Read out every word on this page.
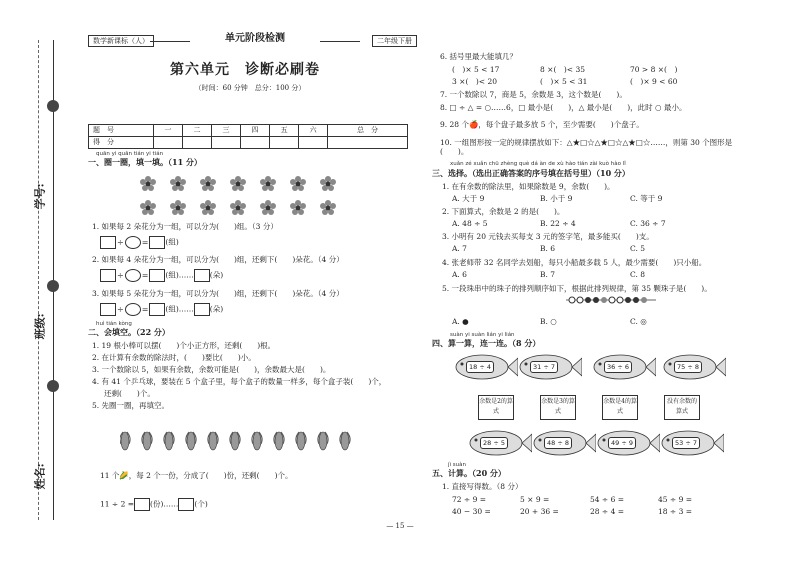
学号:
班级:
姓名:
数学新课标（人）	单元阶段检测	二年级下册
第六单元　诊断必刷卷
（时间：60 分钟　总分：100 分）
题　号	一	二	三	四	五	六	总　分
得　分							
quān yi quān tián yi tián
一、圈一圈，填一填。（11 分）
1. 如果每 2 朵花分为一组，可以分为(　　)组。（3 分）
÷ = (组)
2. 如果每 4 朵花分为一组，可以分为(　　)组，还剩下(　　)朵花。（4 分）
÷ = (组)…… (朵)
3. 如果每 5 朵花分为一组，可以分为(　　)组，还剩下(　　)朵花。（4 分）
÷ = (组)…… (朵)
huì tián kòng
二、会填空。（22 分）
1. 19 根小棒可以摆(　　)个小正方形，还剩(　　)根。
2. 在计算有余数的除法时，(　　)要比(　　)小。
3. 一个数除以 5，如果有余数，余数可能是(　　)，余数最大是(　　)。
4. 有 41 个乒乓球，要装在 5 个盒子里，每个盒子的数量一样多，每个盒子装(　　)个，
还剩(　　)个。
5. 先圈一圈，再填空。
11 个🌽，每 2 个一份，分成了(　　)份，还剩(　　)个。
11 ÷ 2 = (份)…… (个)
6. 括号里最大能填几？
(　)× 5 < 17	8 ×(　)< 35	70 > 8 ×(　)
3 ×(　)< 20	(　)× 5 < 31	(　)× 9 < 60
7. 一个数除以 7，商是 5，余数是 3，这个数是(　　)。
8. □ ÷ △ = ○……6，□ 最小是(　　)，△ 最小是(　　)，此时 ○ 最小。
9. 28 个🍎，每个盘子最多放 5 个，至少需要(　　)个盘子。
10. 一组图形按一定的规律摆放如下：△★□☆△★□☆△★□☆……，则第 30 个图形是(　　)。
xuǎn zé xuǎn chū zhèng què dá àn de xù hào tián zài kuò hào lǐ
三、选择。（选出正确答案的序号填在括号里）（10 分）
1. 在有余数的除法里，如果除数是 9，余数(　　)。
A. 大于 9	B. 小于 9	C. 等于 9
2. 下面算式，余数是 2 的是(　　)。
A. 48 ÷ 5	B. 22 ÷ 4	C. 36 ÷ 7
3. 小明有 20 元钱去买每支 3 元的签字笔，最多能买(　　)支。
A. 7	B. 6	C. 5
4. 张老师带 32 名同学去划船，每只小船最多载 5 人，最少需要(　　)只小船。
A. 6	B. 7	C. 8
5. 一段珠串中的珠子的排列顺序如下，根据此排列规律，第 35 颗珠子是(　　)。
A. ●	B. ○	C. ◎
suàn yi suàn lián yi lián
四、算一算，连一连。（8 分）
18 ÷ 4	31 ÷ 7	36 ÷ 6	75 ÷ 8
余数是2的算式
余数是3的算式
余数是4的算式
没有余数的算式
28 ÷ 5	48 ÷ 8	49 ÷ 9	53 ÷ 7
jì suàn
五、计算。（20 分）
1. 直接写得数。（8 分）
72 ÷ 9 =	5 × 9 =	54 ÷ 6 =	45 ÷ 9 =
40 − 30 =	20 + 36 =	28 ÷ 4 =	18 ÷ 3 =
— 15 —
